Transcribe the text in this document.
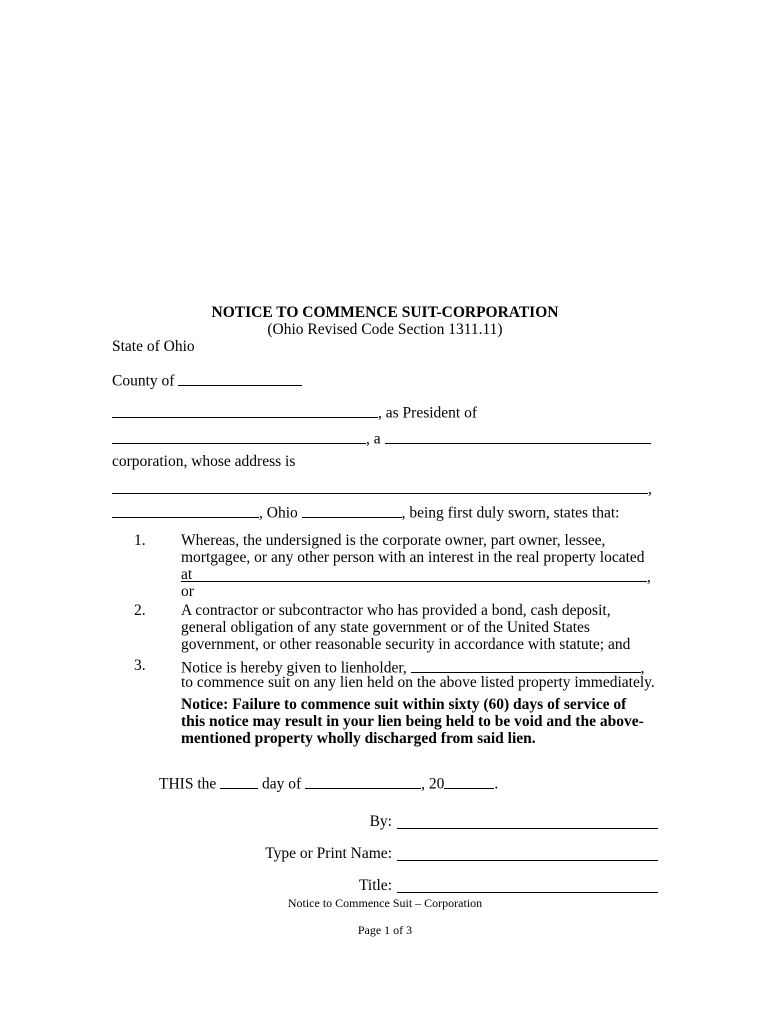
NOTICE TO COMMENCE SUIT-CORPORATION
(Ohio Revised Code Section 1311.11)
State of Ohio
County of
, as President of
, a
corporation, whose address is
,
, Ohio	, being first duly sworn, states that:
1. Whereas, the undersigned is the corporate owner, part owner, lessee, mortgagee, or any other person with an interest in the real property located at	,
or
2. A contractor or subcontractor who has provided a bond, cash deposit, general obligation of any state government or of the United States government, or other reasonable security in accordance with statute; and
3. Notice is hereby given to lienholder,	,
to commence suit on any lien held on the above listed property immediately.
Notice: Failure to commence suit within sixty (60) days of service of this notice may result in your lien being held to be void and the above-mentioned property wholly discharged from said lien.
THIS the	day of	, 20	.
By:
Type or Print Name:
Title:
Notice to Commence Suit – Corporation
Page 1 of 3
